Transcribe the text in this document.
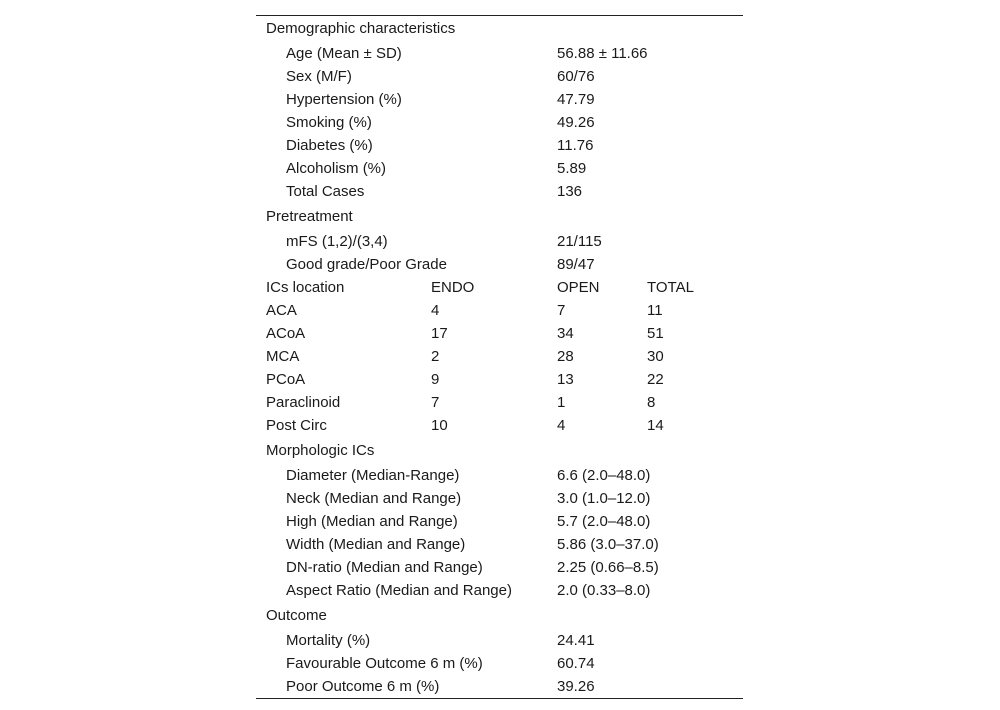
Demographic characteristics			
Age (Mean ± SD)		56.88 ± 11.66	
Sex (M/F)		60/76	
Hypertension (%)		47.79	
Smoking (%)		49.26	
Diabetes (%)		11.76	
Alcoholism (%)		5.89	
Total Cases		136	
Pretreatment			
mFS (1,2)/(3,4)		21/115	
Good grade/Poor Grade		89/47	
ICs location	ENDO	OPEN	TOTAL
ACA	4	7	11
ACoA	17	34	51
MCA	2	28	30
PCoA	9	13	22
Paraclinoid	7	1	8
Post Circ	10	4	14
Morphologic ICs			
Diameter (Median-Range)		6.6 (2.0–48.0)	
Neck (Median and Range)		3.0 (1.0–12.0)	
High (Median and Range)		5.7 (2.0–48.0)	
Width (Median and Range)		5.86 (3.0–37.0)	
DN-ratio (Median and Range)		2.25 (0.66–8.5)	
Aspect Ratio (Median and Range)		2.0 (0.33–8.0)	
Outcome			
Mortality (%)		24.41	
Favourable Outcome 6 m (%)		60.74	
Poor Outcome 6 m (%)		39.26	
